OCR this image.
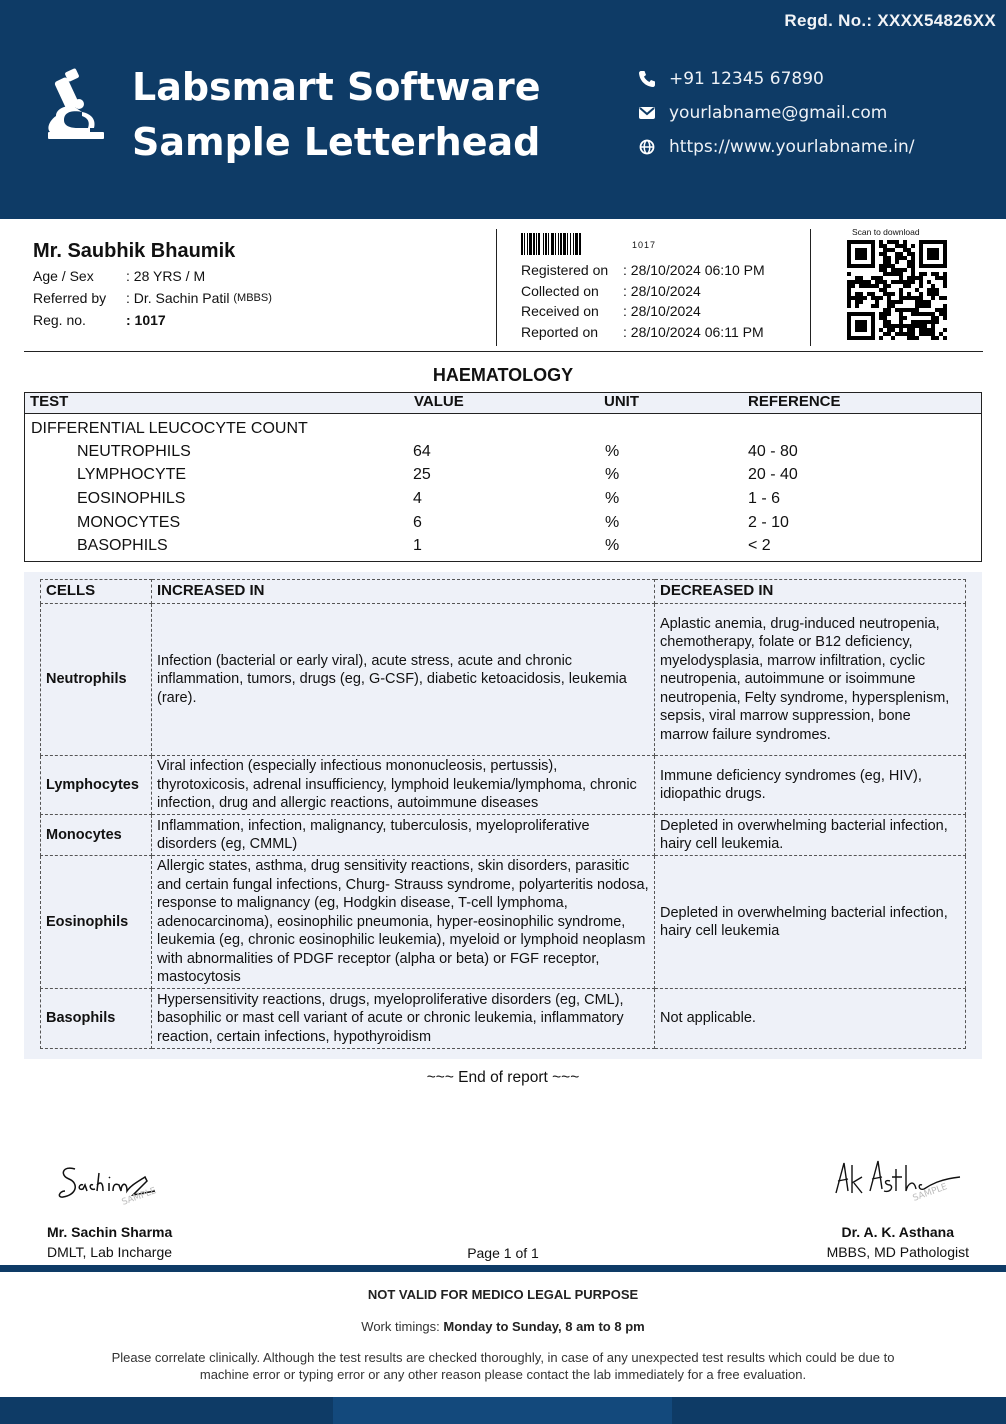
Regd. No.: XXXX54826XX
Labsmart Software
Sample Letterhead
+91 12345 67890
yourlabname@gmail.com
https://www.yourlabname.in/
Mr. Saubhik Bhaumik
Age / Sex	: 28 YRS / M
Referred by	: Dr. Sachin Patil
(MBBS)
Reg. no.	: 1017
1017
Registered on	: 28/10/2024 06:10 PM
Collected on	: 28/10/2024
Received on	: 28/10/2024
Reported on	: 28/10/2024 06:11 PM
Scan to download
HAEMATOLOGY
TEST	VALUE	UNIT	REFERENCE
DIFFERENTIAL LEUCOCYTE COUNT
NEUTROPHILS	64	%	40 - 80
LYMPHOCYTE	25	%	20 - 40
EOSINOPHILS	4	%	1 - 6
MONOCYTES	6	%	2 - 10
BASOPHILS	1	%	< 2
CELLS	INCREASED IN	DECREASED IN
Neutrophils	Infection (bacterial or early viral), acute stress, acute and chronic inflammation, tumors, drugs (eg, G-CSF), diabetic ketoacidosis, leukemia (rare).	Aplastic anemia, drug-induced neutropenia, chemotherapy, folate or B12 deficiency, myelodysplasia, marrow infiltration, cyclic neutropenia, autoimmune or isoimmune neutropenia, Felty syndrome, hypersplenism, sepsis, viral marrow suppression, bone marrow failure syndromes.
Lymphocytes	Viral infection (especially infectious mononucleosis, pertussis), thyrotoxicosis, adrenal insufficiency, lymphoid leukemia/lymphoma, chronic infection, drug and allergic reactions, autoimmune diseases	Immune deficiency syndromes (eg, HIV), idiopathic drugs.
Monocytes	Inflammation, infection, malignancy, tuberculosis, myeloproliferative disorders (eg, CMML)	Depleted in overwhelming bacterial infection, hairy cell leukemia.
Eosinophils	Allergic states, asthma, drug sensitivity reactions, skin disorders, parasitic and certain fungal infections, Churg- Strauss syndrome, polyarteritis nodosa, response to malignancy (eg, Hodgkin disease, T-cell lymphoma, adenocarcinoma), eosinophilic pneumonia, hyper-eosinophilic syndrome, leukemia (eg, chronic eosinophilic leukemia), myeloid or lymphoid neoplasm with abnormalities of PDGF receptor (alpha or beta) or FGF receptor, mastocytosis	Depleted in overwhelming bacterial infection, hairy cell leukemia
Basophils	Hypersensitivity reactions, drugs, myeloproliferative disorders (eg, CML), basophilic or mast cell variant of acute or chronic leukemia, inflammatory reaction, certain infections, hypothyroidism	Not applicable.
~~~ End of report ~~~
SAMPLE	SAMPLE
Mr. Sachin Sharma
DMLT, Lab Incharge
Dr. A. K. Asthana
MBBS, MD Pathologist
Page 1 of 1
NOT VALID FOR MEDICO LEGAL PURPOSE
Work timings: Monday to Sunday, 8 am to 8 pm
Please correlate clinically. Although the test results are checked thoroughly, in case of any unexpected test results which could be due to machine error or typing error or any other reason please contact the lab immediately for a free evaluation.
